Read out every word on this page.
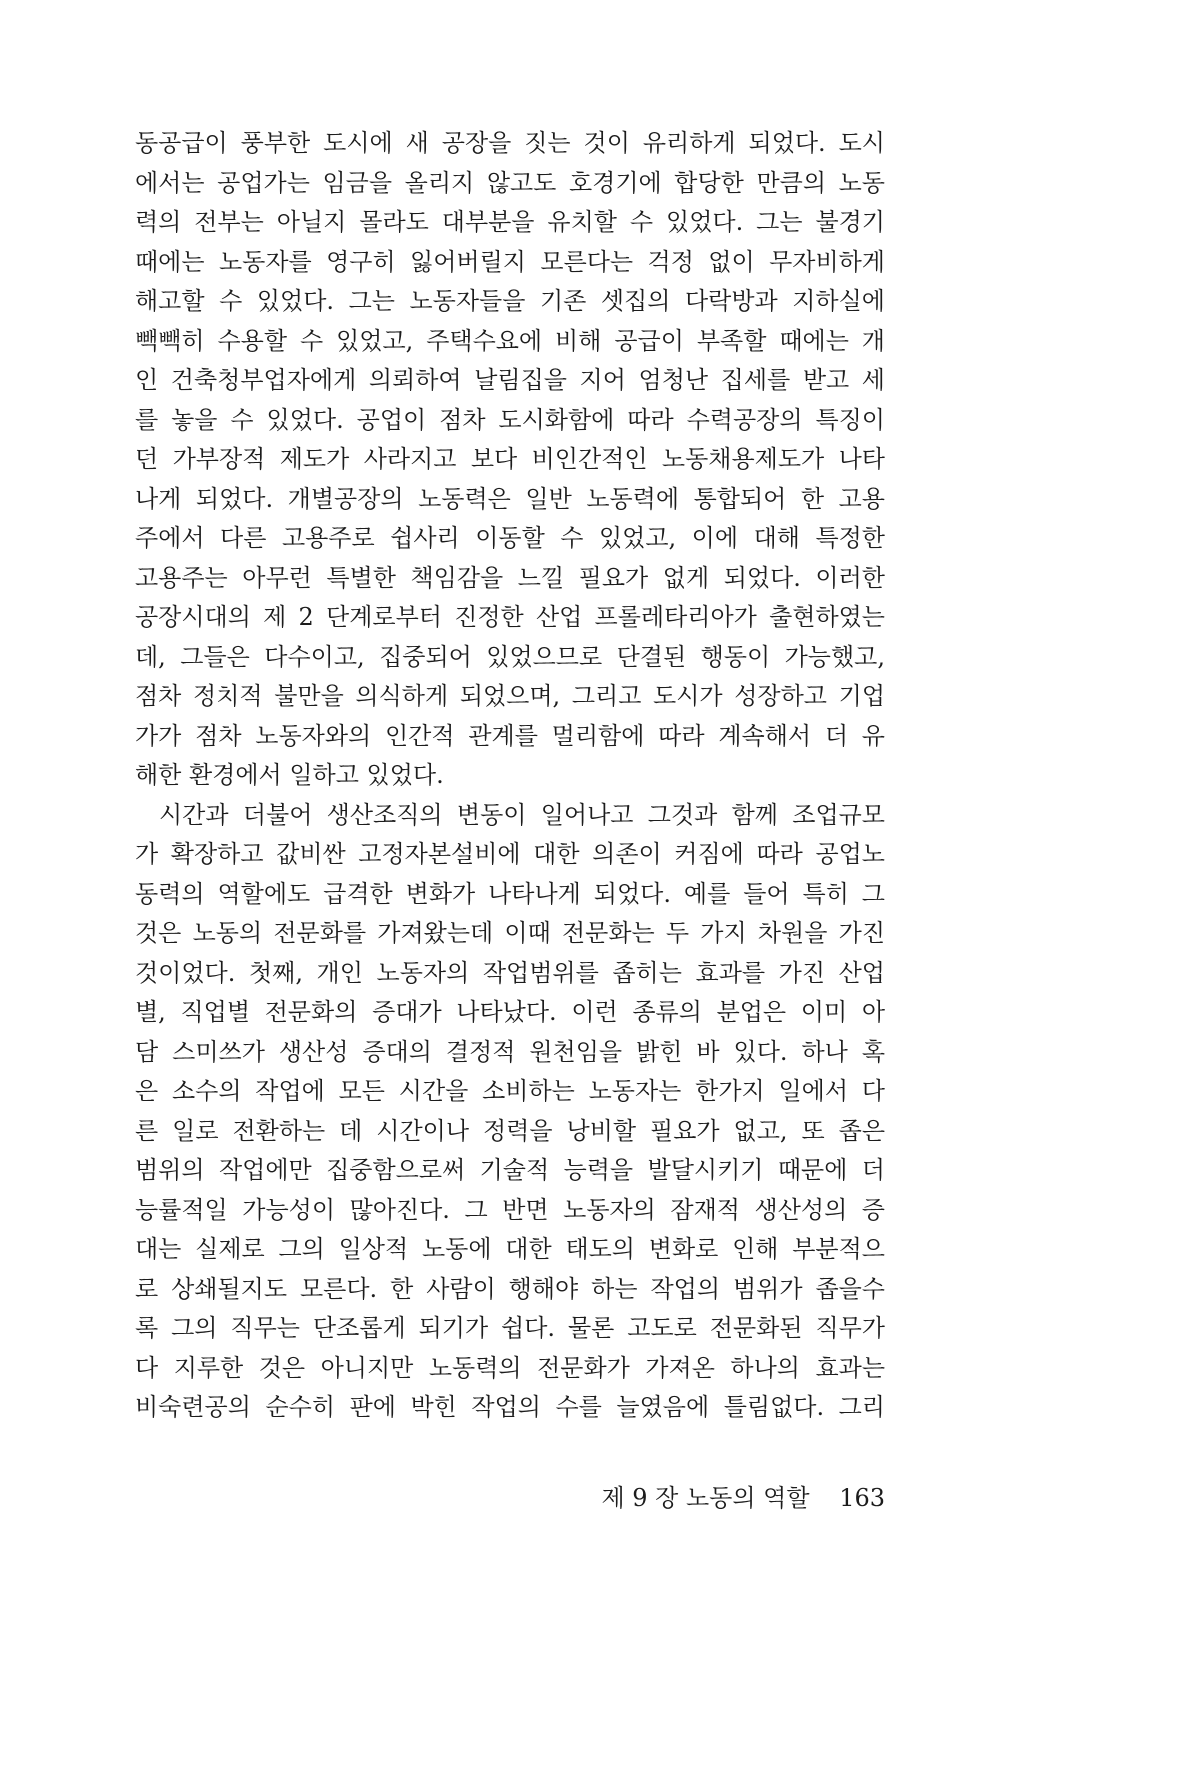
동공급이 풍부한 도시에 새 공장을 짓는 것이 유리하게 되었다. 도시
에서는 공업가는 임금을 올리지 않고도 호경기에 합당한 만큼의 노동
력의 전부는 아닐지 몰라도 대부분을 유치할 수 있었다. 그는 불경기
때에는 노동자를 영구히 잃어버릴지 모른다는 걱정 없이 무자비하게
해고할 수 있었다. 그는 노동자들을 기존 셋집의 다락방과 지하실에
빽빽히 수용할 수 있었고, 주택수요에 비해 공급이 부족할 때에는 개
인 건축청부업자에게 의뢰하여 날림집을 지어 엄청난 집세를 받고 세
를 놓을 수 있었다. 공업이 점차 도시화함에 따라 수력공장의 특징이
던 가부장적 제도가 사라지고 보다 비인간적인 노동채용제도가 나타
나게 되었다. 개별공장의 노동력은 일반 노동력에 통합되어 한 고용
주에서 다른 고용주로 쉽사리 이동할 수 있었고, 이에 대해 특정한
고용주는 아무런 특별한 책임감을 느낄 필요가 없게 되었다. 이러한
공장시대의 제 2 단계로부터 진정한 산업 프롤레타리아가 출현하였는
데, 그들은 다수이고, 집중되어 있었으므로 단결된 행동이 가능했고,
점차 정치적 불만을 의식하게 되었으며, 그리고 도시가 성장하고 기업
가가 점차 노동자와의 인간적 관계를 멀리함에 따라 계속해서 더 유
해한 환경에서 일하고 있었다.
시간과 더불어 생산조직의 변동이 일어나고 그것과 함께 조업규모
가 확장하고 값비싼 고정자본설비에 대한 의존이 커짐에 따라 공업노
동력의 역할에도 급격한 변화가 나타나게 되었다. 예를 들어 특히 그
것은 노동의 전문화를 가져왔는데 이때 전문화는 두 가지 차원을 가진
것이었다. 첫째, 개인 노동자의 작업범위를 좁히는 효과를 가진 산업
별, 직업별 전문화의 증대가 나타났다. 이런 종류의 분업은 이미 아
담 스미쓰가 생산성 증대의 결정적 원천임을 밝힌 바 있다. 하나 혹
은 소수의 작업에 모든 시간을 소비하는 노동자는 한가지 일에서 다
른 일로 전환하는 데 시간이나 정력을 낭비할 필요가 없고, 또 좁은
범위의 작업에만 집중함으로써 기술적 능력을 발달시키기 때문에 더
능률적일 가능성이 많아진다. 그 반면 노동자의 잠재적 생산성의 증
대는 실제로 그의 일상적 노동에 대한 태도의 변화로 인해 부분적으
로 상쇄될지도 모른다. 한 사람이 행해야 하는 작업의 범위가 좁을수
록 그의 직무는 단조롭게 되기가 쉽다. 물론 고도로 전문화된 직무가
다 지루한 것은 아니지만 노동력의 전문화가 가져온 하나의 효과는
비숙련공의 순수히 판에 박힌 작업의 수를 늘였음에 틀림없다. 그리
제 9 장 노동의 역할 163
